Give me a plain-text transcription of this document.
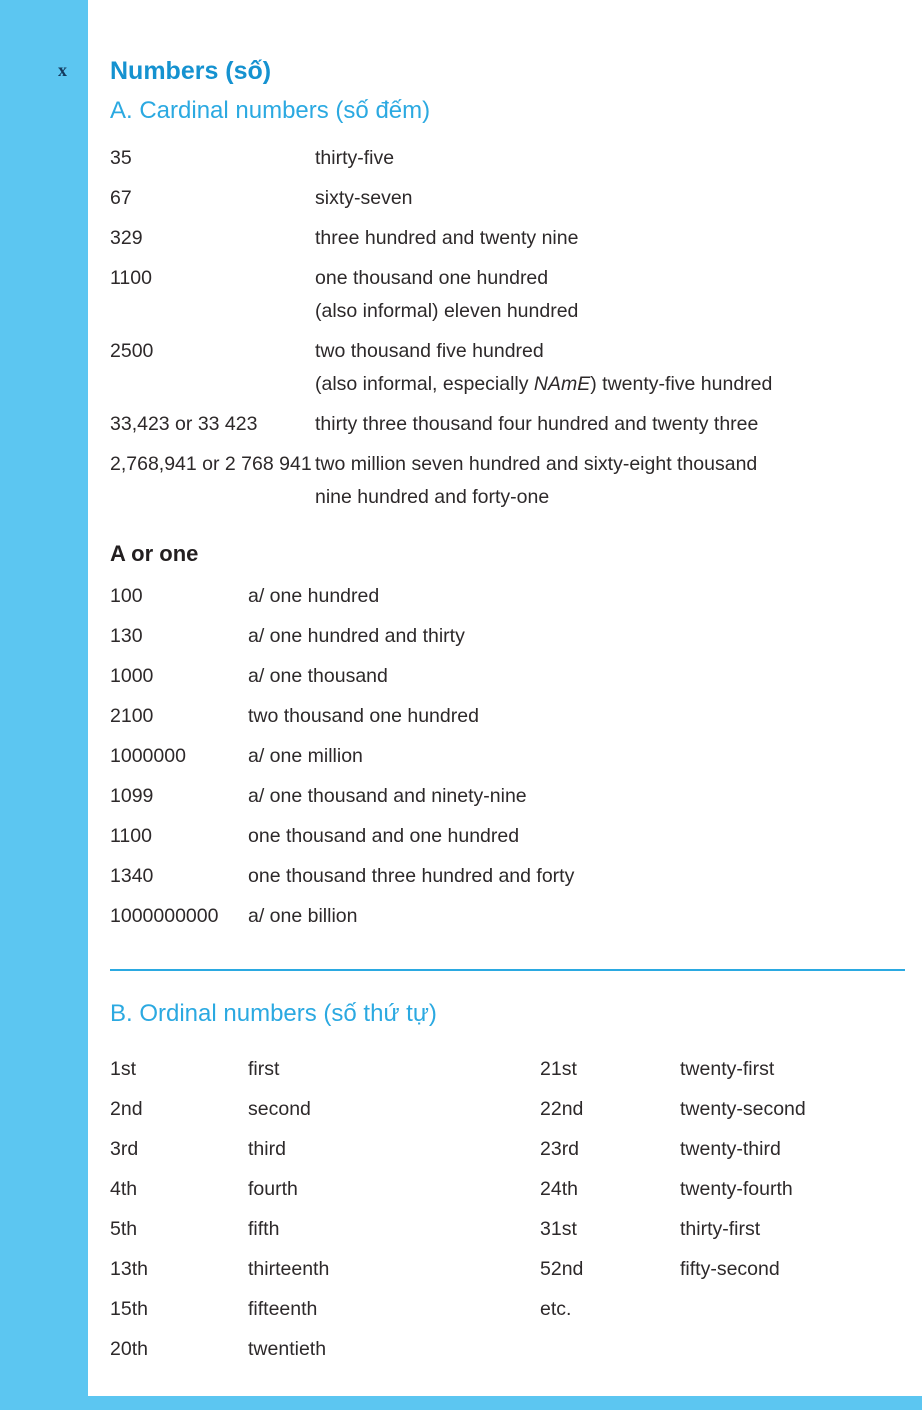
x Numbers (số)
A. Cardinal numbers (số đếm)
35	thirty-five
67	sixty-seven
329	three hundred and twenty nine
1100	one thousand one hundred
(also informal) eleven hundred
2500	two thousand five hundred
(also informal, especially NAmE) twenty-five hundred
33,423 or 33 423	thirty three thousand four hundred and twenty three
2,768,941 or 2 768 941 two million seven hundred and sixty-eight thousand
nine hundred and forty-one
A or one
100	a/ one hundred
130	a/ one hundred and thirty
1000	a/ one thousand
2100	two thousand one hundred
1000000	a/ one million
1099	a/ one thousand and ninety-nine
1100	one thousand and one hundred
1340	one thousand three hundred and forty
1000000000	a/ one billion
B. Ordinal numbers (số thứ tự)
1st	first	21st	twenty-first
2nd	second	22nd	twenty-second
3rd	third	23rd	twenty-third
4th	fourth	24th	twenty-fourth
5th	fifth	31st	thirty-first
13th	thirteenth	52nd	fifty-second
15th	fifteenth	etc.
20th	twentieth
